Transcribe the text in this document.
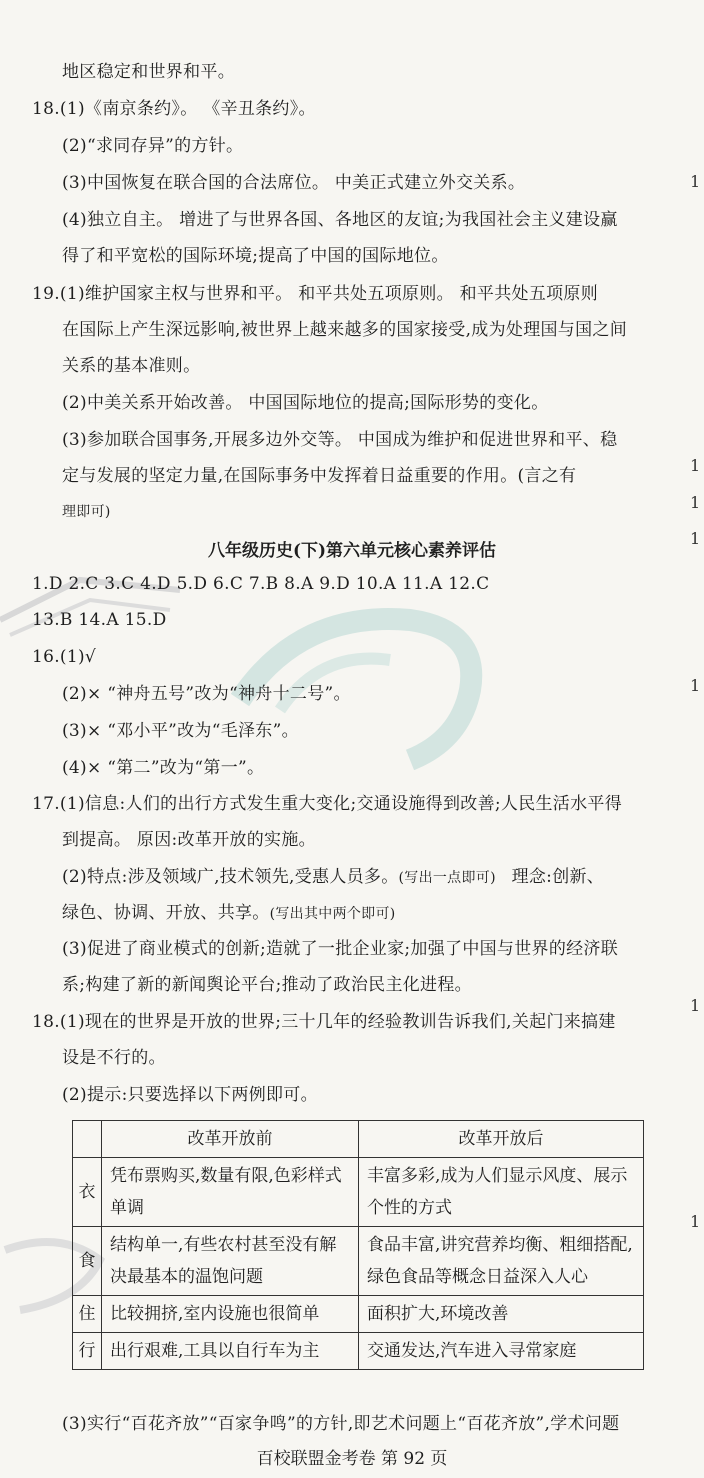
地区稳定和世界和平。
18.(1)《南京条约》。 《辛丑条约》。
(2)“求同存异”的方针。
(3)中国恢复在联合国的合法席位。 中美正式建立外交关系。
(4)独立自主。 增进了与世界各国、各地区的友谊;为我国社会主义建设赢
得了和平宽松的国际环境;提高了中国的国际地位。
19.(1)维护国家主权与世界和平。 和平共处五项原则。 和平共处五项原则
在国际上产生深远影响,被世界上越来越多的国家接受,成为处理国与国之间
关系的基本准则。
(2)中美关系开始改善。 中国国际地位的提高;国际形势的变化。
(3)参加联合国事务,开展多边外交等。 中国成为维护和促进世界和平、稳
定与发展的坚定力量,在国际事务中发挥着日益重要的作用。(言之有
理即可)
八年级历史(下)第六单元核心素养评估
1.D 2.C 3.C 4.D 5.D 6.C 7.B 8.A 9.D 10.A 11.A 12.C
13.B 14.A 15.D
16.(1)√
(2)× “神舟五号”改为“神舟十二号”。
(3)× “邓小平”改为“毛泽东”。
(4)× “第二”改为“第一”。
17.(1)信息:人们的出行方式发生重大变化;交通设施得到改善;人民生活水平得
到提高。 原因:改革开放的实施。
(2)特点:涉及领域广,技术领先,受惠人员多。(写出一点即可) 理念:创新、
绿色、协调、开放、共享。(写出其中两个即可)
(3)促进了商业模式的创新;造就了一批企业家;加强了中国与世界的经济联
系;构建了新的新闻舆论平台;推动了政治民主化进程。
18.(1)现在的世界是开放的世界;三十几年的经验教训告诉我们,关起门来搞建
设是不行的。
(2)提示:只要选择以下两例即可。
	改革开放前	改革开放后
衣	凭布票购买,数量有限,色彩样式单调	丰富多彩,成为人们显示风度、展示个性的方式
食	结构单一,有些农村甚至没有解决最基本的温饱问题	食品丰富,讲究营养均衡、粗细搭配,绿色食品等概念日益深入人心
住	比较拥挤,室内设施也很简单	面积扩大,环境改善
行	出行艰难,工具以自行车为主	交通发达,汽车进入寻常家庭
(3)实行“百花齐放”“百家争鸣”的方针,即艺术问题上“百花齐放”,学术问题
百校联盟金考卷 第 92 页
1
1
1
1
1
1
1
